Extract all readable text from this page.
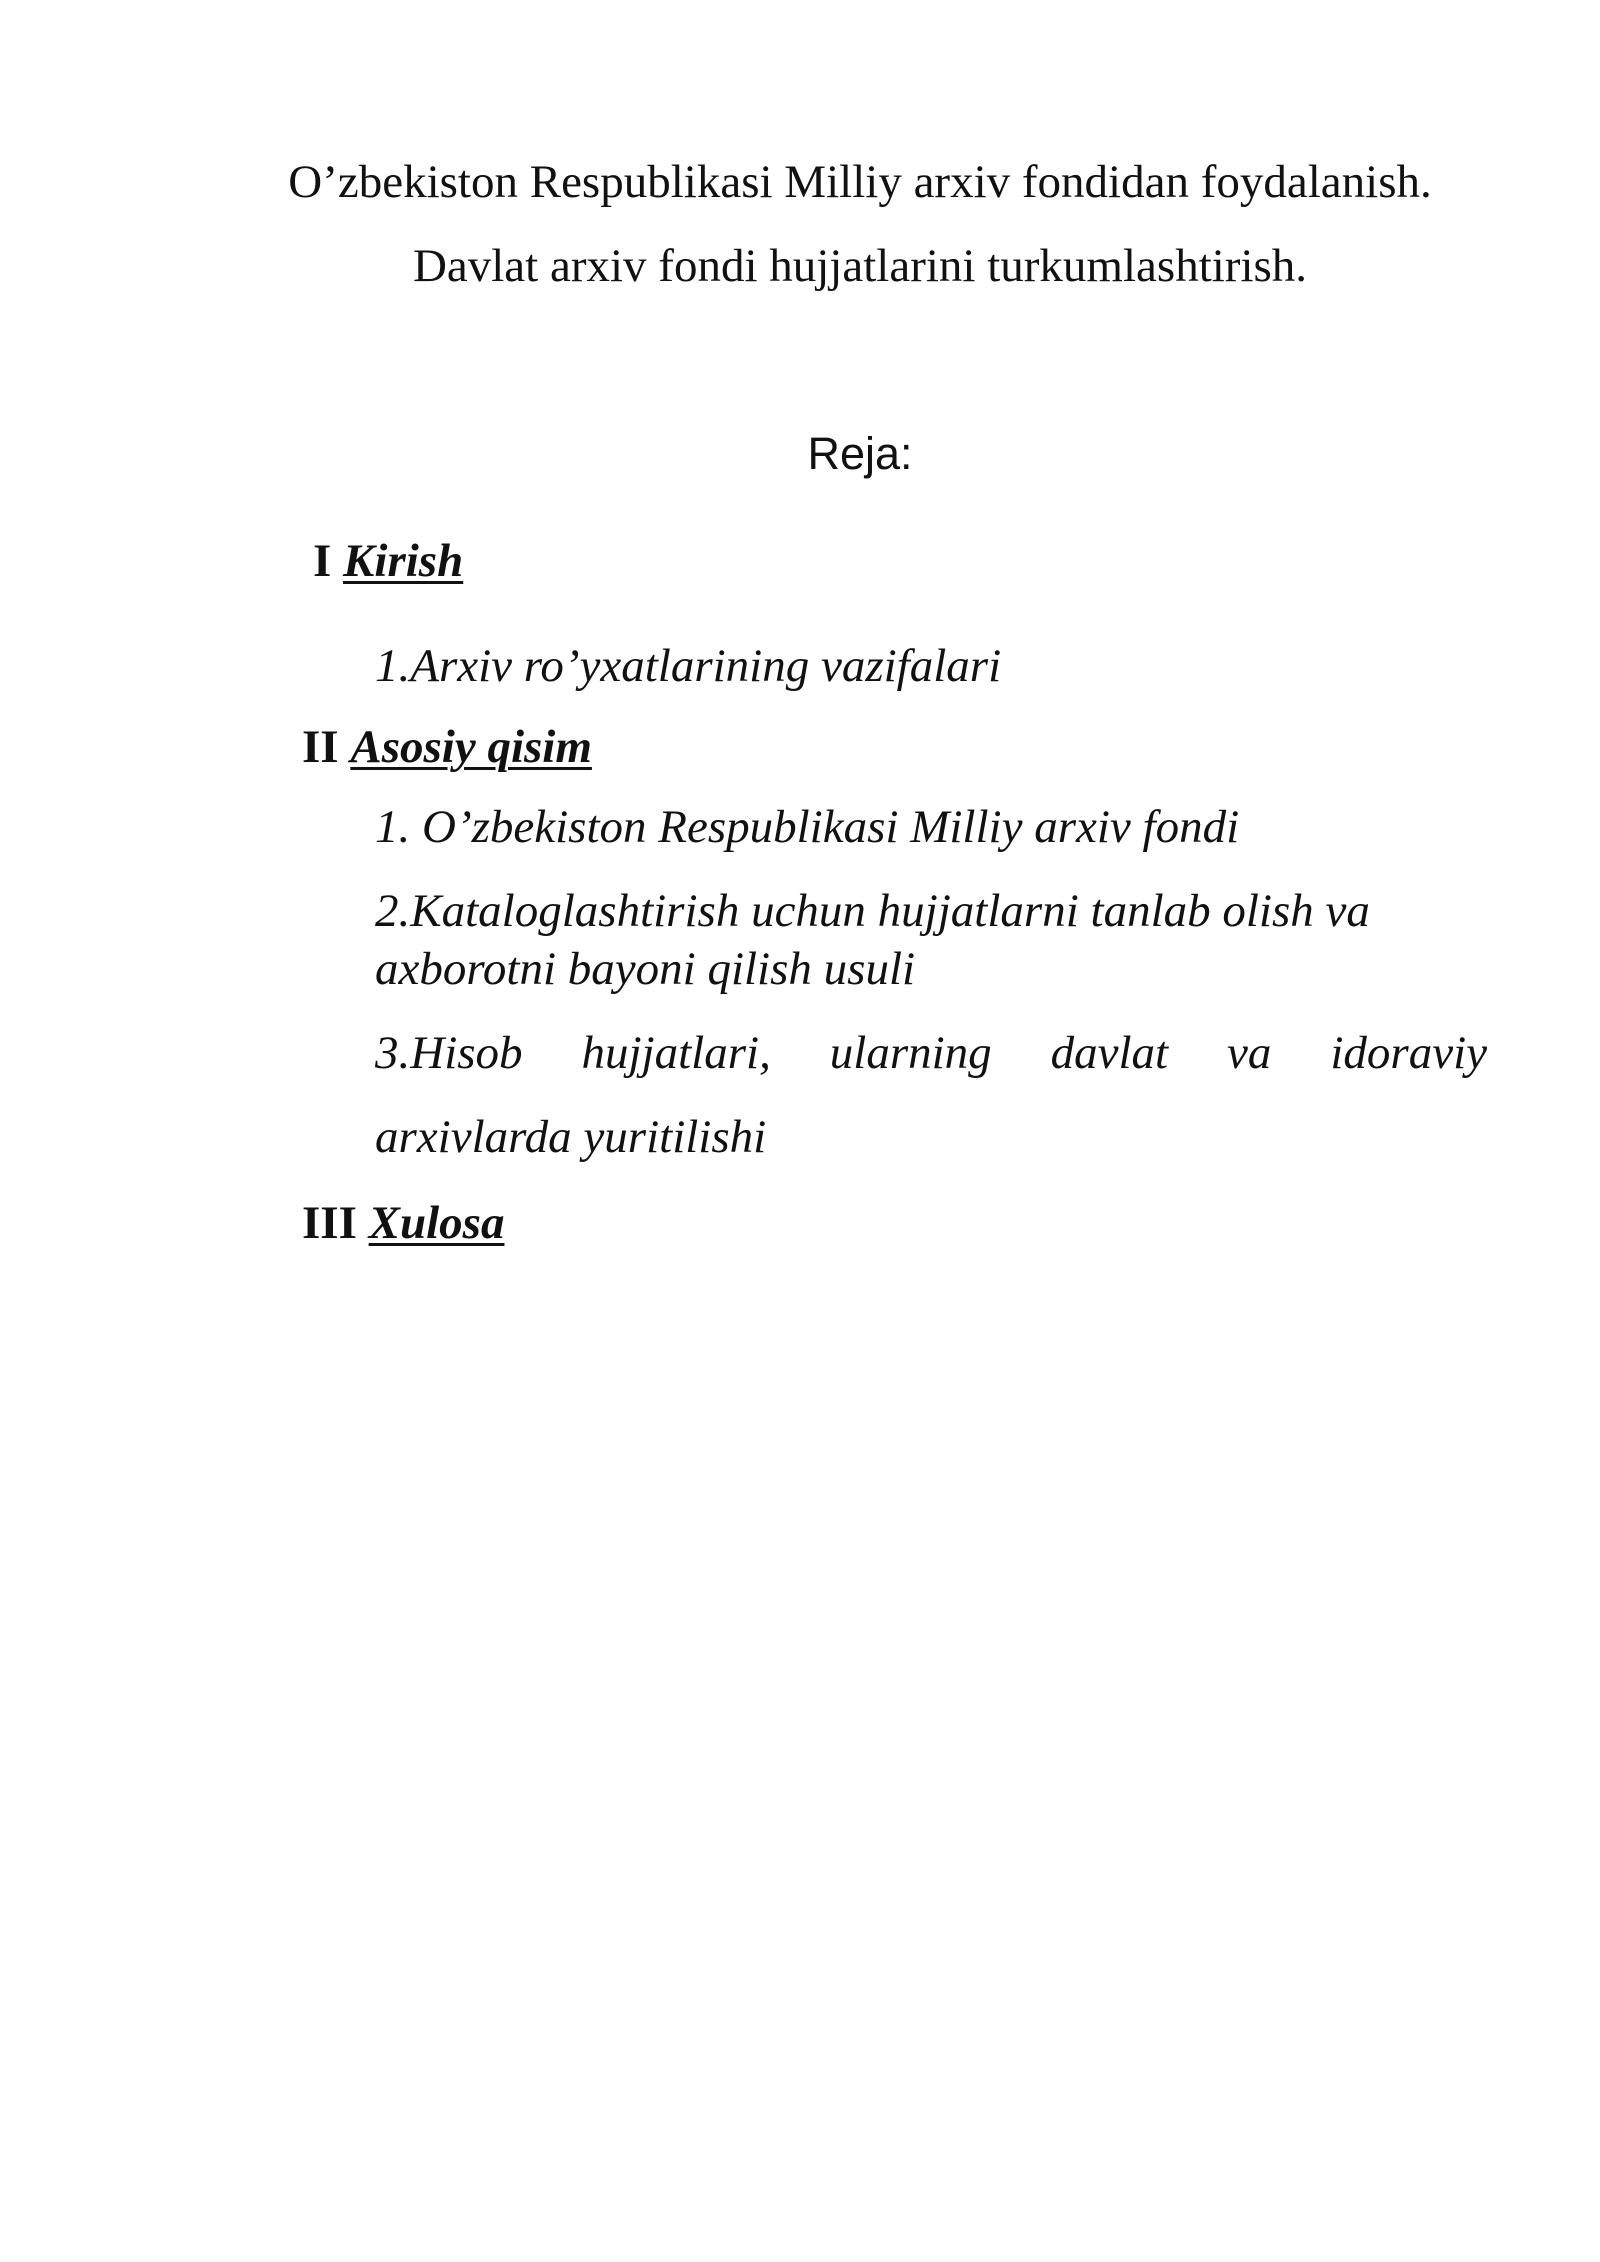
O’zbekiston Respublikasi Milliy arxiv fondidan foydalanish.
Davlat arxiv fondi hujjatlarini turkumlashtirish.
Reja:
I Kirish
1.Arxiv ro’yxatlarining vazifalari
II Asosiy qisim
1. O’zbekiston Respublikasi Milliy arxiv fondi
2.Kataloglashtirish uchun hujjatlarni tanlab olish va
axborotni bayoni qilish usuli
3.Hisob hujjatlari, ularning davlat va idoraviy
arxivlarda yuritilishi
III Xulosa
